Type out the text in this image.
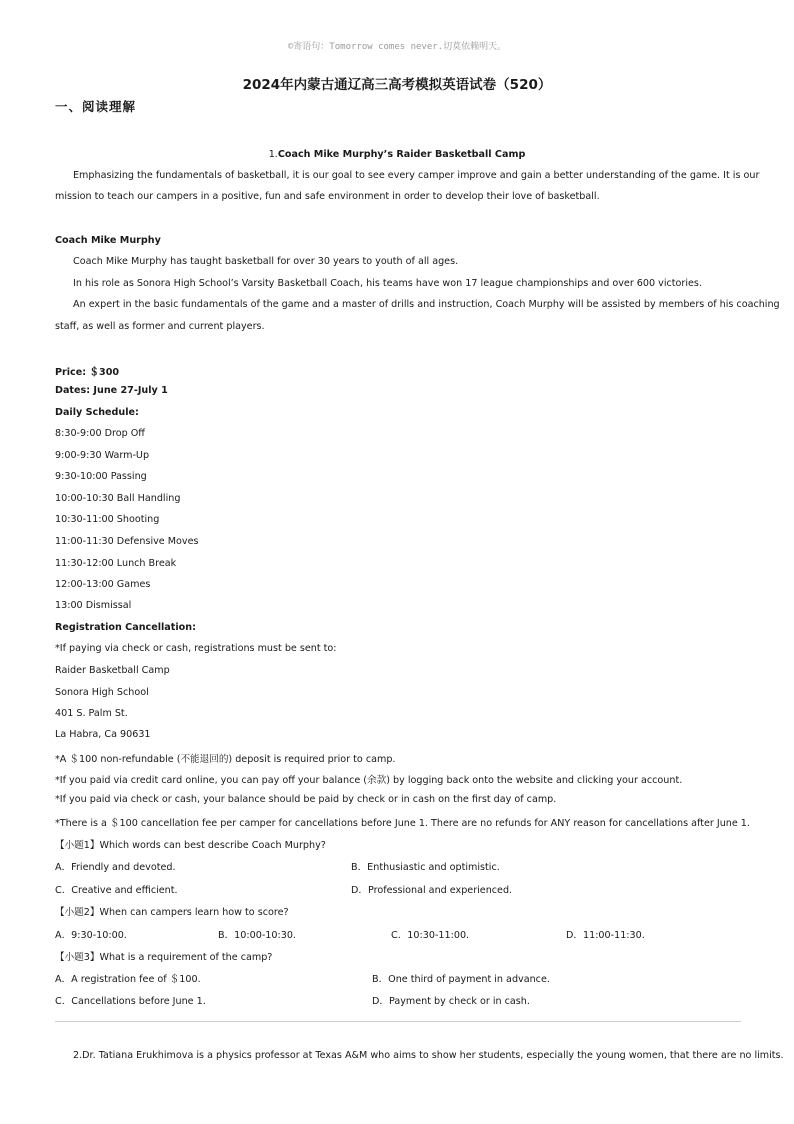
©寄语句：Tomorrow comes never.切莫依赖明天。
2024年内蒙古通辽高三高考模拟英语试卷（520）
一、阅读理解
1.Coach Mike Murphy’s Raider Basketball Camp
Emphasizing the fundamentals of basketball, it is our goal to see every camper improve and gain a better understanding of the game. It is our
mission to teach our campers in a positive, fun and safe environment in order to develop their love of basketball.
Coach Mike Murphy
Coach Mike Murphy has taught basketball for over 30 years to youth of all ages.
In his role as Sonora High School’s Varsity Basketball Coach, his teams have won 17 league championships and over 600 victories.
An expert in the basic fundamentals of the game and a master of drills and instruction, Coach Murphy will be assisted by members of his coaching
staff, as well as former and current players.
Price: ＄300
Dates: June 27-July 1
Daily Schedule:
8:30-9:00 Drop Off
9:00-9:30 Warm-Up
9:30-10:00 Passing
10:00-10:30 Ball Handling
10:30-11:00 Shooting
11:00-11:30 Defensive Moves
11:30-12:00 Lunch Break
12:00-13:00 Games
13:00 Dismissal
Registration Cancellation:
*If paying via check or cash, registrations must be sent to:
Raider Basketball Camp
Sonora High School
401 S. Palm St.
La Habra, Ca 90631
*A ＄100 non-refundable (不能退回的) deposit is required prior to camp.
*If you paid via credit card online, you can pay off your balance (余款) by logging back onto the website and clicking your account.
*If you paid via check or cash, your balance should be paid by check or in cash on the first day of camp.
*There is a ＄100 cancellation fee per camper for cancellations before June 1. There are no refunds for ANY reason for cancellations after June 1.
【小题1】Which words can best describe Coach Murphy?
A．Friendly and devoted.	B．Enthusiastic and optimistic.
C．Creative and efficient.	D．Professional and experienced.
【小题2】When can campers learn how to score?
A．9:30-10:00.	B．10:00-10:30.	C．10:30-11:00.	D．11:00-11:30.
【小题3】What is a requirement of the camp?
A．A registration fee of ＄100.	B．One third of payment in advance.
C．Cancellations before June 1.	D．Payment by check or in cash.
2.Dr. Tatiana Erukhimova is a physics professor at Texas A&M who aims to show her students, especially the young women, that there are no limits.
